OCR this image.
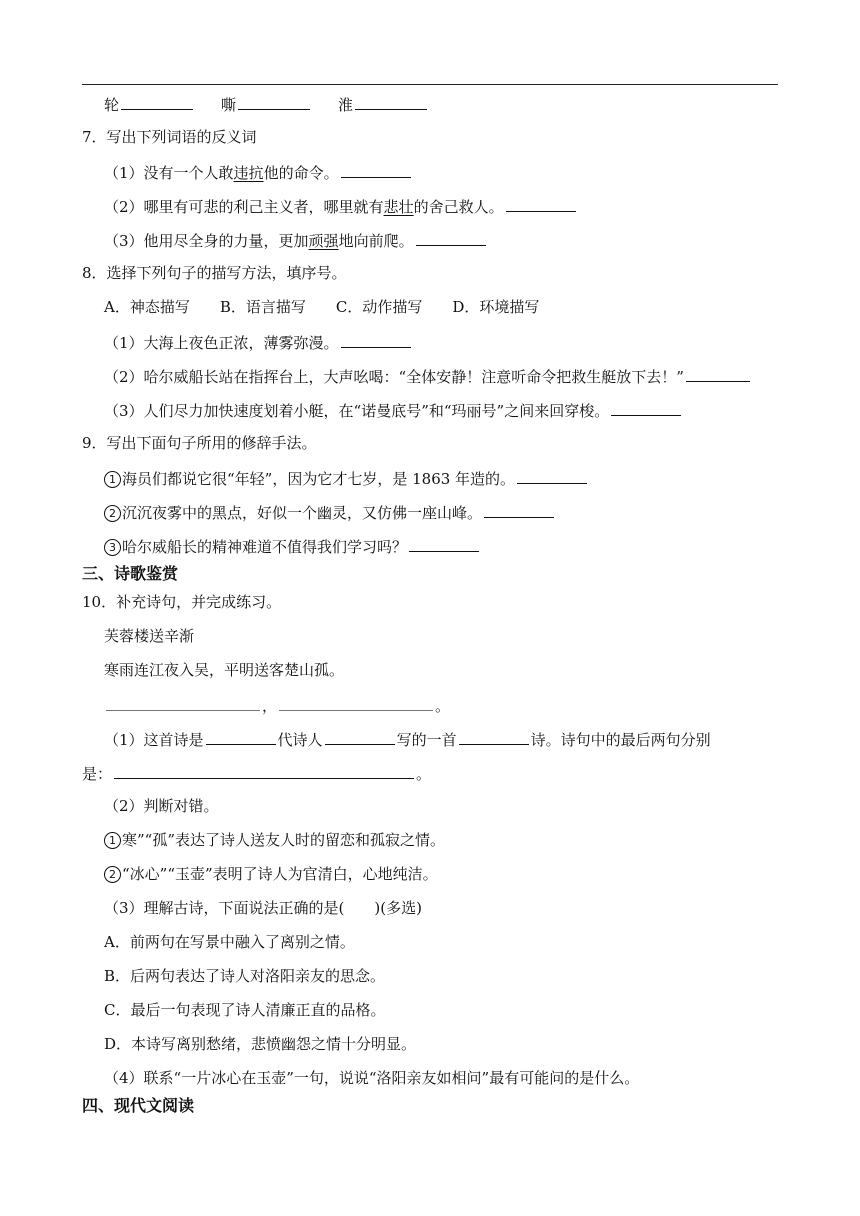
轮	嘶	淮
7．写出下列词语的反义词
（1）没有一个人敢违抗他的命令。
（2）哪里有可悲的利己主义者，哪里就有悲壮的舍己救人。
（3）他用尽全身的力量，更加顽强地向前爬。
8．选择下列句子的描写方法，填序号。
A．神态描写 B．语言描写 C．动作描写 D．环境描写
（1）大海上夜色正浓，薄雾弥漫。
（2）哈尔威船长站在指挥台上，大声吆喝：“全体安静！注意听命令把救生艇放下去！”
（3）人们尽力加快速度划着小艇，在“诺曼底号”和“玛丽号”之间来回穿梭。
9．写出下面句子所用的修辞手法。
1 海员们都说它很“年轻”，因为它才七岁，是 1863 年造的。
2 沉沉夜雾中的黑点，好似一个幽灵，又仿佛一座山峰。
3 哈尔威船长的精神难道不值得我们学习吗？
三、诗歌鉴赏
10．补充诗句，并完成练习。
芙蓉楼送辛渐
寒雨连江夜入吴，平明送客楚山孤。
，	。
（1）这首诗是	代诗人	写的一首	诗。诗句中的最后两句分别
是：	。
（2）判断对错。
1 寒”“孤”表达了诗人送友人时的留恋和孤寂之情。
2 “冰心”“玉壶”表明了诗人为官清白，心地纯洁。
（3）理解古诗，下面说法正确的是(　　)(多选)
A．前两句在写景中融入了离别之情。
B．后两句表达了诗人对洛阳亲友的思念。
C．最后一句表现了诗人清廉正直的品格。
D．本诗写离别愁绪，悲愤幽怨之情十分明显。
（4）联系“一片冰心在玉壶”一句，说说“洛阳亲友如相问”最有可能问的是什么。
四、现代文阅读
